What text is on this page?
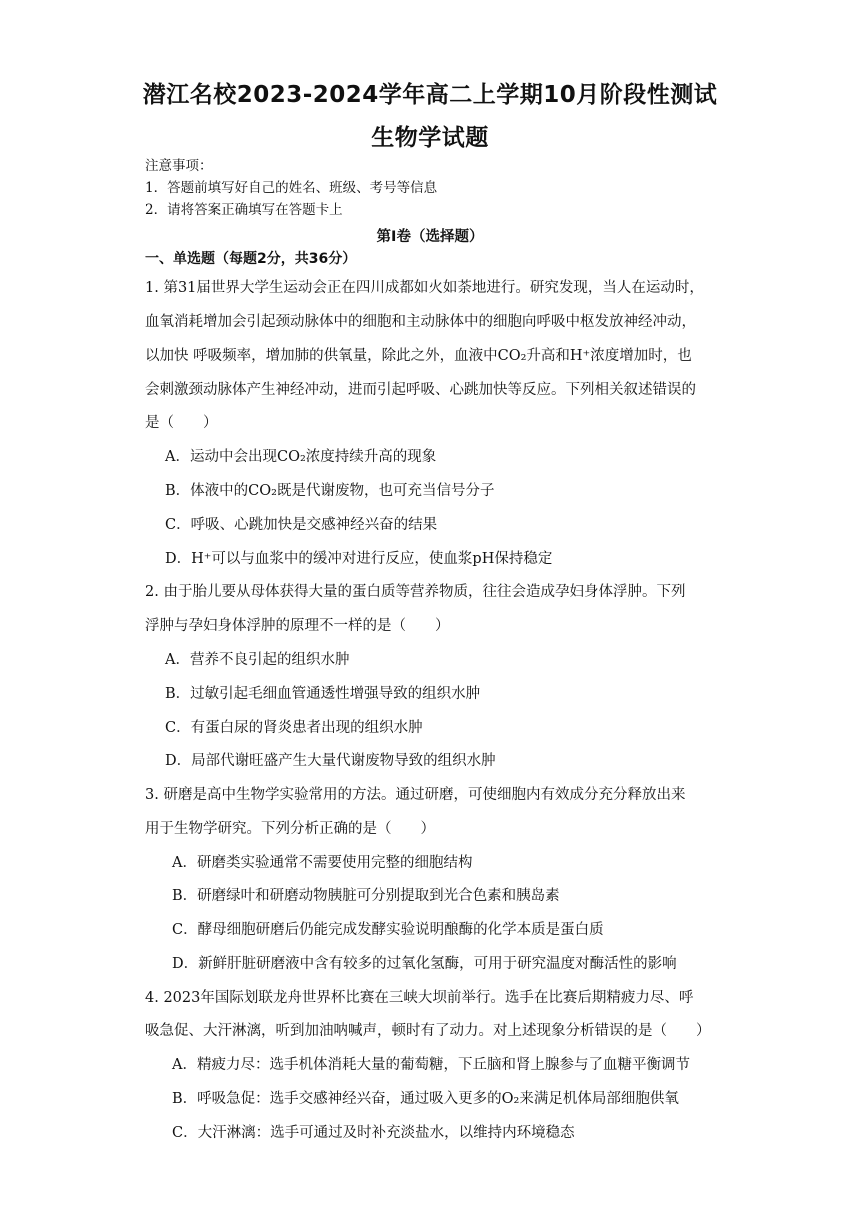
潜江名校2023-2024学年高二上学期10月阶段性测试
生物学试题
注意事项：
1．答题前填写好自己的姓名、班级、考号等信息
2．请将答案正确填写在答题卡上
第Ⅰ卷（选择题）
一、单选题（每题2分，共36分）
1. 第31届世界大学生运动会正在四川成都如火如荼地进行。研究发现，当人在运动时，
血氧消耗增加会引起颈动脉体中的细胞和主动脉体中的细胞向呼吸中枢发放神经冲动，
以加快 呼吸频率，增加肺的供氧量，除此之外，血液中CO₂升高和H⁺浓度增加时，也
会刺激颈动脉体产生神经冲动，进而引起呼吸、心跳加快等反应。下列相关叙述错误的
是（　　）
A．运动中会出现CO₂浓度持续升高的现象
B．体液中的CO₂既是代谢废物，也可充当信号分子
C．呼吸、心跳加快是交感神经兴奋的结果
D．H⁺可以与血浆中的缓冲对进行反应，使血浆pH保持稳定
2. 由于胎儿要从母体获得大量的蛋白质等营养物质，往往会造成孕妇身体浮肿。下列
浮肿与孕妇身体浮肿的原理不一样的是（　　）
A．营养不良引起的组织水肿
B．过敏引起毛细血管通透性增强导致的组织水肿
C．有蛋白尿的肾炎患者出现的组织水肿
D．局部代谢旺盛产生大量代谢废物导致的组织水肿
3. 研磨是高中生物学实验常用的方法。通过研磨，可使细胞内有效成分充分释放出来
用于生物学研究。下列分析正确的是（　　）
A．研磨类实验通常不需要使用完整的细胞结构
B．研磨绿叶和研磨动物胰脏可分别提取到光合色素和胰岛素
C．酵母细胞研磨后仍能完成发酵实验说明酿酶的化学本质是蛋白质
D．新鲜肝脏研磨液中含有较多的过氧化氢酶，可用于研究温度对酶活性的影响
4. 2023年国际划联龙舟世界杯比赛在三峡大坝前举行。选手在比赛后期精疲力尽、呼
吸急促、大汗淋漓，听到加油呐喊声，顿时有了动力。对上述现象分析错误的是（　　）
A．精疲力尽：选手机体消耗大量的葡萄糖，下丘脑和肾上腺参与了血糖平衡调节
B．呼吸急促：选手交感神经兴奋，通过吸入更多的O₂来满足机体局部细胞供氧
C．大汗淋漓：选手可通过及时补充淡盐水，以维持内环境稳态
